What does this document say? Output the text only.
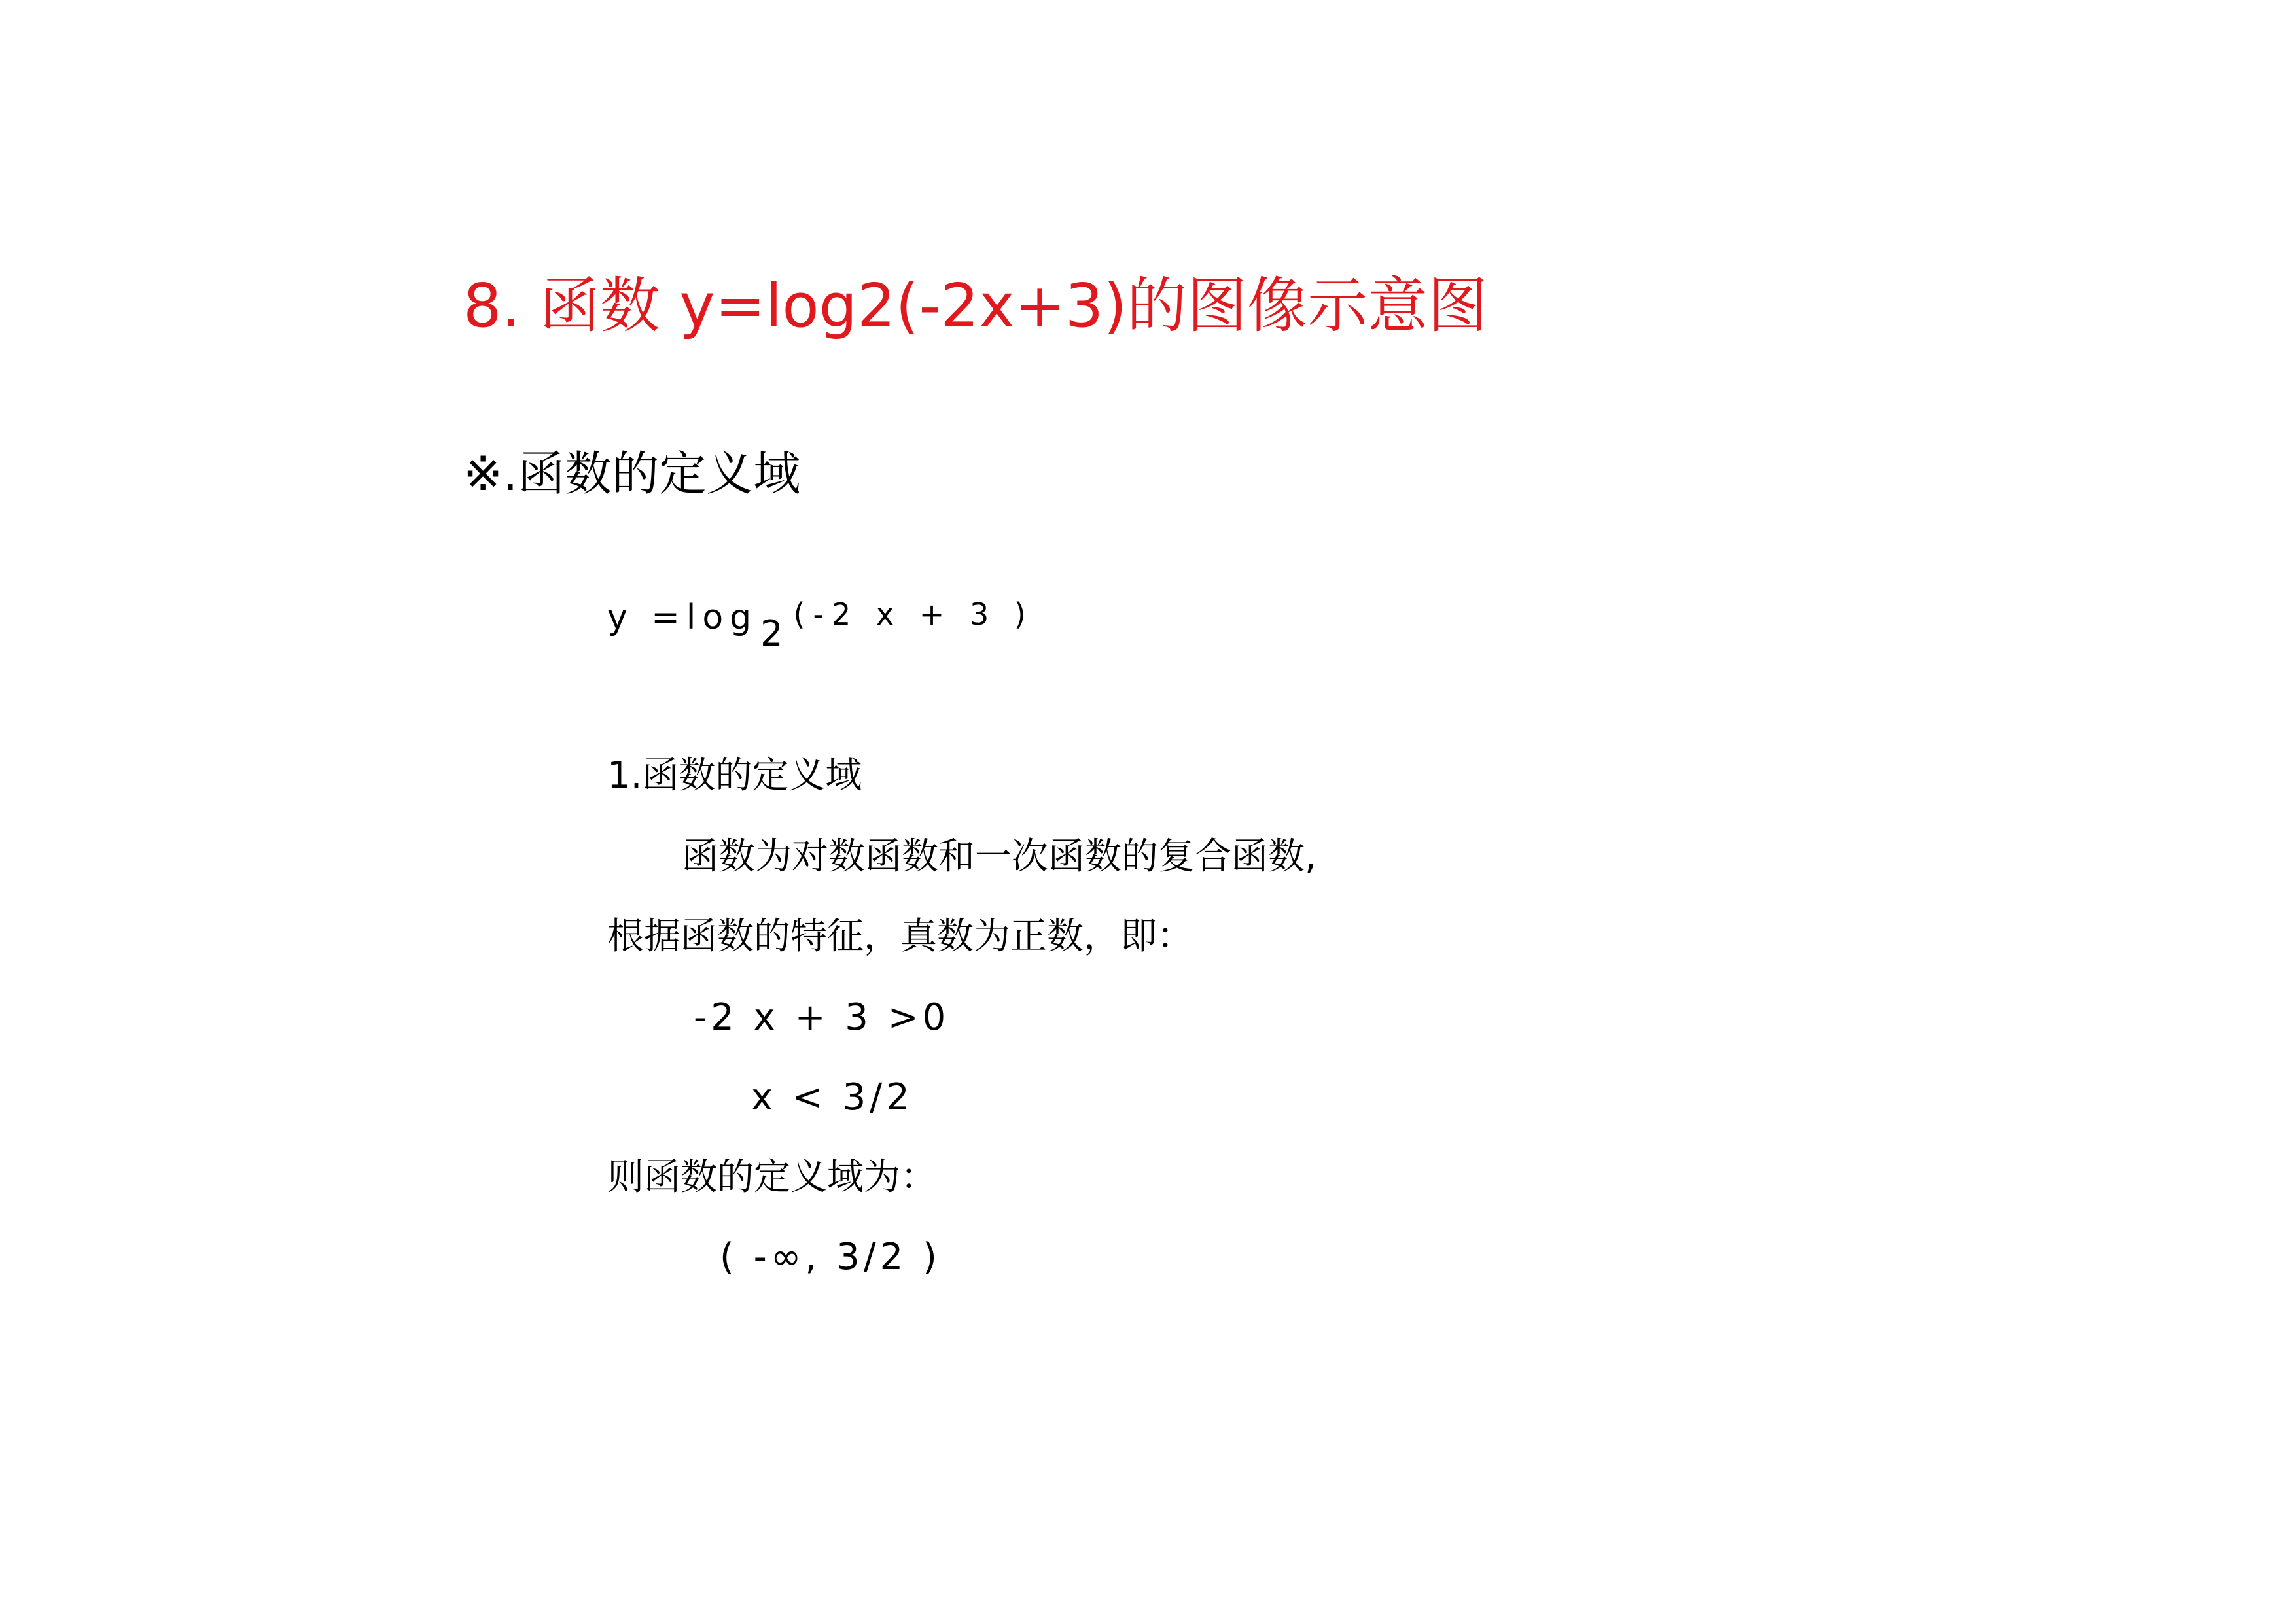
8. 函数 y=log2(-2x+3)的图像示意图
※.函数的定义域
y =log2 (-2 x + 3 )
1.函数的定义域
函数为对数函数和一次函数的复合函数,
根据函数的特征，真数为正数，即：
-2 x + 3 >0
x < 3/2
则函数的定义域为：
( -∞, 3/2 )
